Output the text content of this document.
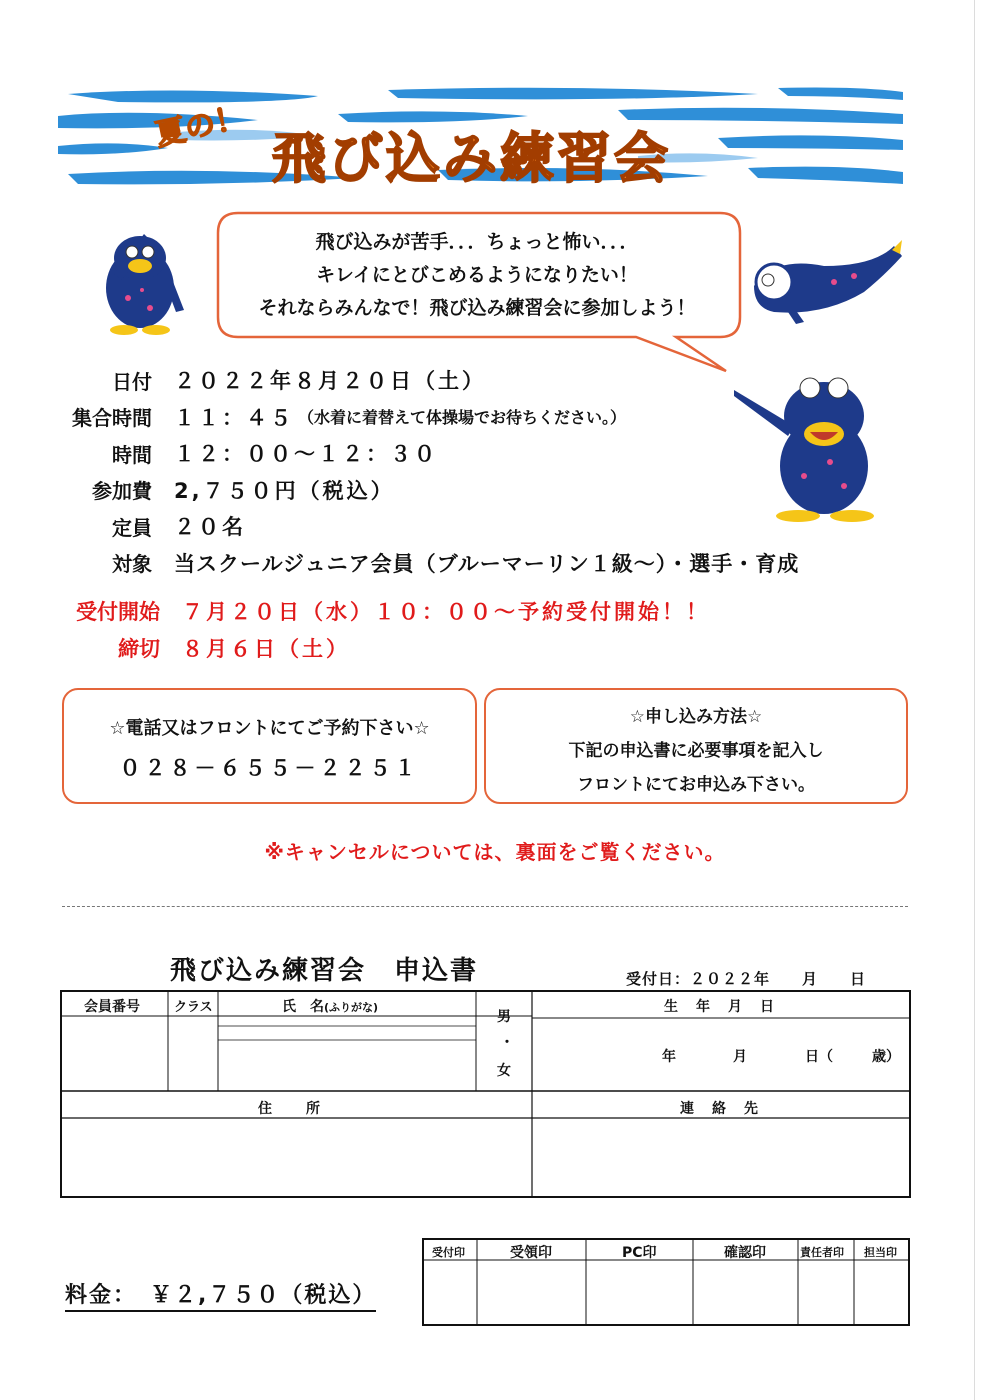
夏の！
飛び込み練習会
飛び込みが苦手．．．ちょっと怖い．．．
キレイにとびこめるようになりたい！
それならみんなで！飛び込み練習会に参加しよう！
日付 ２０２２年８月２０日（土）
集合時間 １１：４５ （水着に着替えて体操場でお待ちください。）
時間 １２：００～１２：３０
参加費 2,７５０円（税込）
定員 ２０名
対象 当スクールジュニア会員（ブルーマーリン１級～）・選手・育成
受付開始 ７月２０日（水）１０：００～予約受付開始！！
締切 ８月６日（土）
☆電話又はフロントにてご予約下さい☆
０２８－６５５－２２５１
☆申し込み方法☆
下記の申込書に必要事項を記入し
フロントにてお申込み下さい。
※キャンセルについては、裏面をご覧ください。
飛び込み練習会　申込書	受付日：２０２２年　　月　　日
会員番号	クラス	氏　名(ふりがな)
男
・
女
生　年　月　日
年	月	日（	歳）
住　　所	連　絡　先
受付印	受領印	PC印	確認印	責任者印 担当印
料金：　￥２,７５０（税込）
